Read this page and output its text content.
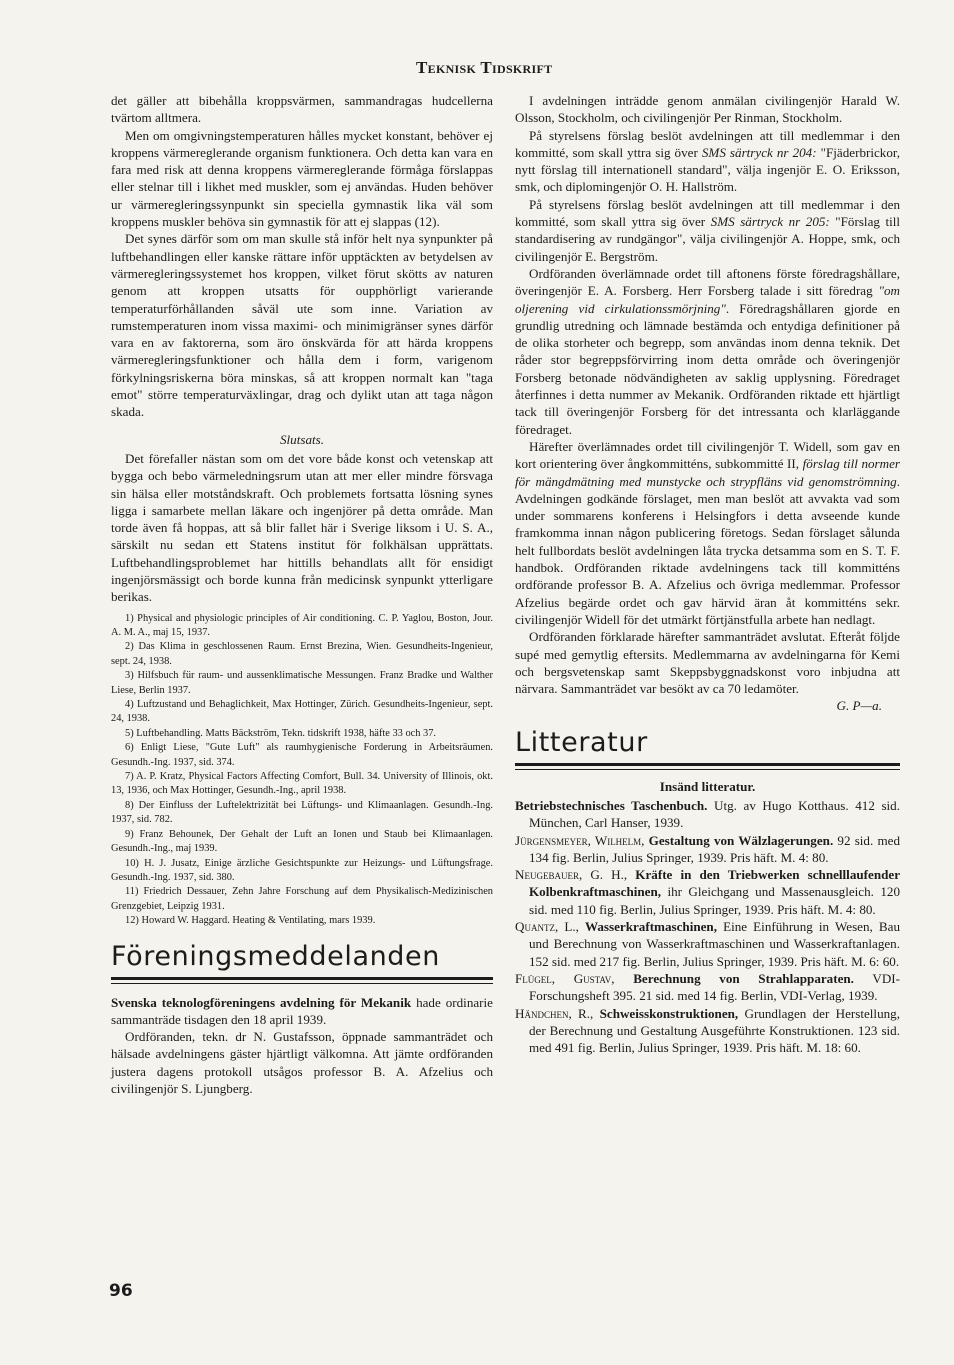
Teknisk Tidskrift

det gäller att bibehålla kroppsvärmen, sammandragas hudcellerna tvärtom alltmera.

Men om omgivningstemperaturen hålles mycket konstant, behöver ej kroppens värmereglerande organism funktionera. Och detta kan vara en fara med risk att denna kroppens värmereglerande förmåga förslappas eller stelnar till i likhet med muskler, som ej användas. Huden behöver ur värmeregleringssynpunkt sin speciella gymnastik lika väl som kroppens muskler behöva sin gymnastik för att ej slappas (12).

Det synes därför som om man skulle stå inför helt nya synpunkter på luftbehandlingen eller kanske rättare inför upptäckten av betydelsen av värmeregleringssystemet hos kroppen, vilket förut skötts av naturen genom att kroppen utsatts för oupphörligt varierande temperaturförhållanden såväl ute som inne. Variation av rumstemperaturen inom vissa maximi- och minimigränser synes därför vara en av faktorerna, som äro önskvärda för att härda kroppens värmeregleringsfunktioner och hålla dem i form, varigenom förkylningsriskerna böra minskas, så att kroppen normalt kan "taga emot" större temperaturväxlingar, drag och dylikt utan att taga någon skada.

Slutsats.

Det förefaller nästan som om det vore både konst och vetenskap att bygga och bebo värmeledningsrum utan att mer eller mindre försvaga sin hälsa eller motståndskraft. Och problemets fortsatta lösning synes ligga i samarbete mellan läkare och ingenjörer på detta område. Man torde även få hoppas, att så blir fallet här i Sverige liksom i U. S. A., särskilt nu sedan ett Statens institut för folkhälsan upprättats. Luftbehandlingsproblemet har hittills behandlats allt för ensidigt ingenjörsmässigt och borde kunna från medicinsk synpunkt ytterligare berikas.

1) Physical and physiologic principles of Air conditioning. C. P. Yaglou, Boston, Jour. A. M. A., maj 15, 1937.

2) Das Klima in geschlossenen Raum. Ernst Brezina, Wien. Gesundheits-Ingenieur, sept. 24, 1938.

3) Hilfsbuch für raum- und aussenklimatische Messungen. Franz Bradke und Walther Liese, Berlin 1937.

4) Luftzustand und Behaglichkeit, Max Hottinger, Zürich. Gesundheits-Ingenieur, sept. 24, 1938.

5) Luftbehandling. Matts Bäckström, Tekn. tidskrift 1938, häfte 33 och 37.

6) Enligt Liese, "Gute Luft" als raumhygienische Forderung in Arbeitsräumen. Gesundh.-Ing. 1937, sid. 374.

7) A. P. Kratz, Physical Factors Affecting Comfort, Bull. 34. University of Illinois, okt. 13, 1936, och Max Hottinger, Gesundh.-Ing., april 1938.

8) Der Einfluss der Luftelektrizität bei Lüftungs- und Klimaanlagen. Gesundh.-Ing. 1937, sid. 782.

9) Franz Behounek, Der Gehalt der Luft an Ionen und Staub bei Klimaanlagen. Gesundh.-Ing., maj 1939.

10) H. J. Jusatz, Einige ärzliche Gesichtspunkte zur Heizungs- und Lüftungsfrage. Gesundh.-Ing. 1937, sid. 380.

11) Friedrich Dessauer, Zehn Jahre Forschung auf dem Physikalisch-Medizinischen Grenzgebiet, Leipzig 1931.

12) Howard W. Haggard. Heating & Ventilating, mars 1939.

Föreningsmeddelanden

Svenska teknologföreningens avdelning för Mekanik hade ordinarie sammanträde tisdagen den 18 april 1939.

Ordföranden, tekn. dr N. Gustafsson, öppnade sammanträdet och hälsade avdelningens gäster hjärtligt välkomna. Att jämte ordföranden justera dagens protokoll utsågos professor B. A. Afzelius och civilingenjör S. Ljungberg.

I avdelningen inträdde genom anmälan civilingenjör Harald W. Olsson, Stockholm, och civilingenjör Per Rinman, Stockholm.

På styrelsens förslag beslöt avdelningen att till medlemmar i den kommitté, som skall yttra sig över SMS särtryck nr 204: "Fjäderbrickor, nytt förslag till internationell standard", välja ingenjör E. O. Eriksson, smk, och diplomingenjör O. H. Hallström.

På styrelsens förslag beslöt avdelningen att till medlemmar i den kommitté, som skall yttra sig över SMS särtryck nr 205: "Förslag till standardisering av rundgängor", välja civilingenjör A. Hoppe, smk, och civilingenjör E. Bergström.

Ordföranden överlämnade ordet till aftonens förste föredragshållare, överingenjör E. A. Forsberg. Herr Forsberg talade i sitt föredrag "om oljerening vid cirkulationssmörjning". Föredragshållaren gjorde en grundlig utredning och lämnade bestämda och entydiga definitioner på de olika storheter och begrepp, som användas inom denna teknik. Det råder stor begreppsförvirring inom detta område och överingenjör Forsberg betonade nödvändigheten av saklig upplysning. Föredraget återfinnes i detta nummer av Mekanik. Ordföranden riktade ett hjärtligt tack till överingenjör Forsberg för det intressanta och klarläggande föredraget.

Härefter överlämnades ordet till civilingenjör T. Widell, som gav en kort orientering över ångkommitténs, subkommitté II, förslag till normer för mängdmätning med munstycke och strypfläns vid genomströmning. Avdelningen godkände förslaget, men man beslöt att avvakta vad som under sommarens konferens i Helsingfors i detta avseende kunde framkomma innan någon publicering företogs. Sedan förslaget sålunda helt fullbordats beslöt avdelningen låta trycka detsamma som en S. T. F. handbok. Ordföranden riktade avdelningens tack till kommitténs ordförande professor B. A. Afzelius och övriga medlemmar. Professor Afzelius begärde ordet och gav härvid äran åt kommitténs sekr. civilingenjör Widell för det utmärkt förtjänstfulla arbete han nedlagt.

Ordföranden förklarade härefter sammanträdet avslutat. Efteråt följde supé med gemytlig eftersits. Medlemmarna av avdelningarna för Kemi och bergsvetenskap samt Skeppsbyggnadskonst voro inbjudna att närvara. Sammanträdet var besökt av ca 70 ledamöter.

G. P—a.
Litteratur
Insänd litteratur.

Betriebstechnisches Taschenbuch. Utg. av Hugo Kotthaus. 412 sid. München, Carl Hanser, 1939.

Jürgensmeyer, Wilhelm, Gestaltung von Wälzlagerungen. 92 sid. med 134 fig. Berlin, Julius Springer, 1939. Pris häft. M. 4: 80.

Neugebauer, G. H., Kräfte in den Triebwerken schnelllaufender Kolbenkraftmaschinen, ihr Gleichgang und Massenausgleich. 120 sid. med 110 fig. Berlin, Julius Springer, 1939. Pris häft. M. 4: 80.

Quantz, L., Wasserkraftmaschinen, Eine Einführung in Wesen, Bau und Berechnung von Wasserkraftmaschinen und Wasserkraftanlagen. 152 sid. med 217 fig. Berlin, Julius Springer, 1939. Pris häft. M. 6: 60.

Flügel, Gustav, Berechnung von Strahlapparaten. VDI-Forschungsheft 395. 21 sid. med 14 fig. Berlin, VDI-Verlag, 1939.

Händchen, R., Schweisskonstruktionen, Grundlagen der Herstellung, der Berechnung und Gestaltung Ausgeführte Konstruktionen. 123 sid. med 491 fig. Berlin, Julius Springer, 1939. Pris häft. M. 18: 60.

96
